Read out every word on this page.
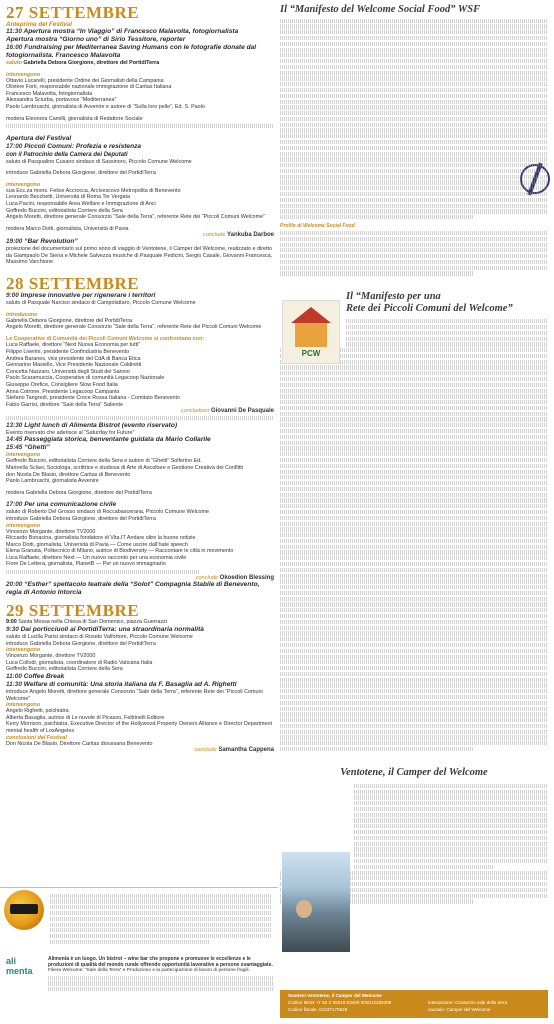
27 SETTEMBRE
Anteprima del Festival
11:30 Apertura mostra “In Viaggio” di Francesco Malavolta, fotogiornalista
Apertura mostra “Giorno uno” di Sirio Tessitore, reporter
16:00 Fundraising per Mediterranea Saving Humans con le fotografie donate dal fotogiornalista. Francesco Malavolta
saluto Gabriella Debora Giorgione, direttore del PortidiTerra
intervengono
Ottavio Lucarelli, presidente Ordine dei Giornalisti della Campania
Olivière Forti, responsabile nazionale immigrazione di Caritas Italiana
Francesco Malavolta, fotogiornalista
Alessandra Sciurba, portavoce “Mediterranea”
Paolo Lambruschi, giornalista di Avvenire e autore di “Sulla loro pelle”, Ed. S. Paolo
modera Eleonora Camilli, giornalista di Redattore Sociale
Apertura del Festival
17:00 Piccoli Comuni: Profezia e resistenza
con il Patrocinio della Camera dei Deputati
saluto di Pasqualino Cusano sindaco di Sassinoro, Piccolo Comune Welcome
introduce Gabriella Debora Giorgione, direttore del PortidiTerra
intervengono
sua Ecc.za mons. Felice Accrocca, Arcivescovo Metropolita di Benevento
Leonardo Becchetti, Università di Roma Tor Vergata
Luca Pacini, responsabile Area Welfare e Immigrazione di Anci
Goffredo Buccini, editorialista Corriere della Sera
Angelo Moretti, direttore generale Consorzio “Sale della Terra”, referente Rete dei “Piccoli Comuni Welcome”
modera Marco Dotti, giornalista, Università di Pavia
conclude Yankuba Darboe
19:00 “Bar Revolution”
proiezione del documentario sul primo anno di viaggio di Ventotene, il Camper del Welcome, realizzato e diretto da Giampaolo De Siena e Michele Salvezza musiche di Pasquale Pedicini, Sergio Casale, Giovanni Francesca, Massimo Varchione
28 SETTEMBRE
9:00 Imprese innovative per rigenerare i territori
saluto di Pasquale Narciso sindaco di Campolattaro, Piccolo Comune Welcome
introducono
Gabriella Debora Giorgione, direttore del PortidiTerra
Angelo Moretti, direttore generale Consorzio “Sale della Terra”, referente Rete dei Piccoli Comuni Welcome
Le Cooperative di Comunità dei Piccoli Comuni Welcome si confrontano con:
Luca Raffaele, direttore “Next Nuova Economia per tutti”
Filippo Liverini, presidente Confindustria Benevento
Andrea Baranes, vice presidente del CdA di Banca Etica
Gennarino Masiello, Vice Presidente Nazionale Coldiretti
Concetta Nazzaro, Università degli Studi del Sannio
Paolo Scaramuccia, Cooperative di comunità Legacoop Nazionale
Giuseppe Orefice, Consigliere Slow Food Italia
Anna Cotrone, Presidente Legacoop Campania
Stefano Tangredi, presidente Croce Rossa Italiana - Comitato Benevento
Fabio Garrisi, direttore “Sale della Terra” Saliente
concludono Giovanni De Pasquale
13:30 Light lunch di Alimenta Bistrot (evento riservato)
Evento riservato che aderisce al “Saturday for Future”
14:45 Passeggiata storica, benventante guidata da Mario Collarile
15:45 “Ghetti”
intervengono
Goffredo Buccini, editorialista Corriere della Sera e autore di “Ghetti” Solferino Ed.
Marinella Sclavi, Sociologa, scrittrice e studiosa di Arte di Ascoltare e Gestione Creativa dei Conflitti
don Nicola De Blasio, direttore Caritas di Benevento
Paolo Lambruschi, giornalista Avvenire
modera Gabriella Debora Giorgione, direttore del PortidiTerra
17:00 Per una comunicazione civile
saluto di Roberto Del Grosso sindaco di Roccabascerana, Piccolo Comune Welcome
introduce Gabriella Debora Giorgione, direttore del PortidiTerra
intervengono
Vincenzo Morgante, direttore TV2000
Riccardo Bonacina, giornalista fondatore di Vita.IT Andare oltre la buone notizie
Marco Dotti, giornalista, Università di Pavia — Come uscire dall’hate speech
Elena Granata, Politecnico di Milano, autrice di Biodiversity — Raccontare le città in movimento
Luca Raffaele, direttore Next — Un nuovo racconto per una economia civile
Fiore De Lettera, giornalista, PlanetB — Per un nuovo immaginario
conclude Okoedion Blessing
20:00 “Esther” spettacolo teatrale della “Solot” Compagnia Stabile di Benevento, regia di Antonio Intorcia
29 SETTEMBRE
9:00 Santa Messa nella Chiesa di San Domenico, piazza Guerrazzi
9:30 Dai porticciuoli ai PortidiTerra: una straordinaria normalità
saluto di Lucilla Parisi sindaco di Roseto Valfortore, Piccolo Comune Welcome
introduce Gabriella Debora Giorgione, direttore del PortidiTerra
intervengono
Vincenzo Morgante, direttore TV2000
Luca Collodi, giornalista, coordinatore di Radio Vaticana Italia
Goffredo Buccini, editorialista Corriere della Sera
11:00 Coffee Break
11:30 Welfare di comunità: Una storia italiana da F. Basaglia ad A. Righetti
introduce Angelo Moretti, direttore generale Consorzio “Sale della Terra”, referente Rete dei “Piccoli Comuni Welcome”
intervengono
Angelo Righetti, psichiatra
Alberta Basaglia, autrice di Le nuvole di Picasso, Feltrinelli Editore
Kerry Morrison, psichiatra, Executive Director of the Hollywood Property Owners Alliance e Director Department mental health of LosAngeles
conclusioni del Festival
Don Nicola De Blasio, Direttore Caritas diocesana Benevento
conclude Samantha Cappena
ali menta
Alimenta è un luogo. Un bistrot – wine bar che propone e promuove le eccellenze e le produzioni di qualità del mondo rurale offrendo opportunità lavorative a persone svantaggiate.
Filiera Welcome: “Sale della Terra” e Produzione e la partecipazione di lavoro di persone fragili.
Il “Manifesto del Welcome Social Food” WSF
Profilo di Welcome Social Food
Il “Manifesto per una
Rete dei Piccoli Comuni del Welcome”
Ventotene, il Camper del Welcome
PCW
Sostieni Ventotene, il Camper del Welcome
Codice IBAN: IT 55 Z 05018 03400 000012359399
Codice fiscale: 01337170628
intestazione: Consorzio sale della terra
causale: Camper del Welcome
